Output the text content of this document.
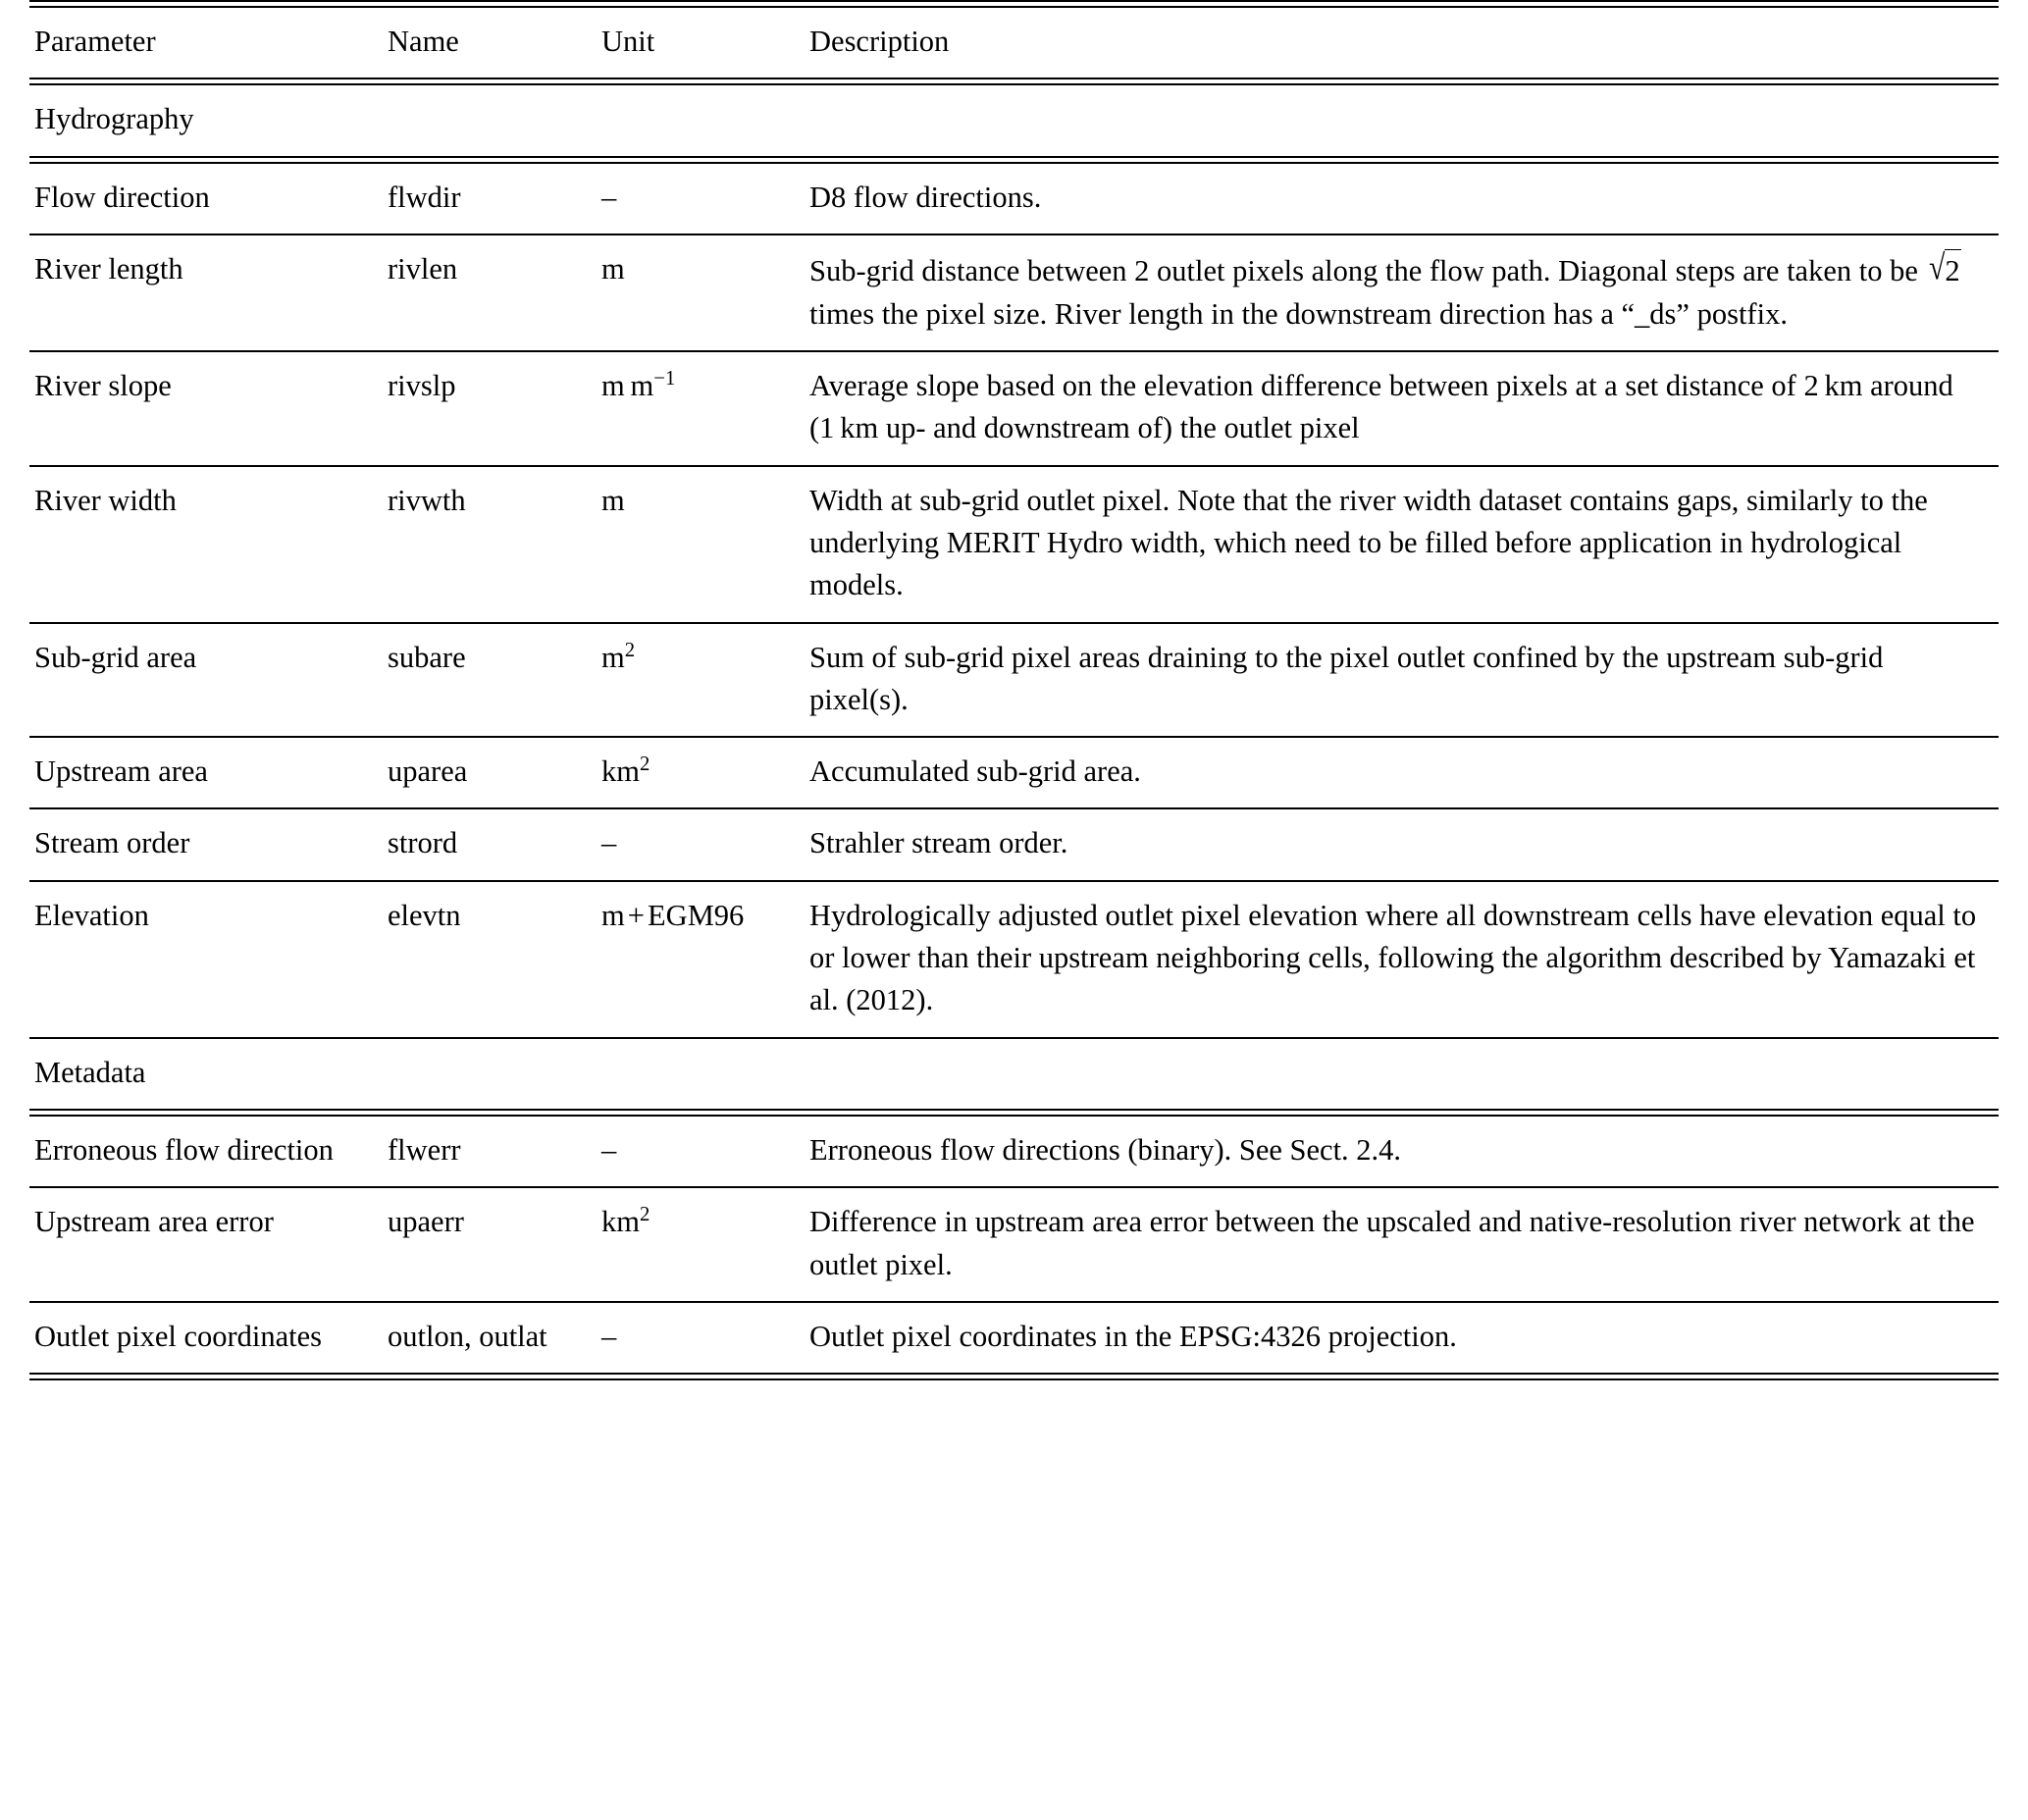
Parameter	Name	Unit	Description

Hydrography			

Flow direction	flwdir	–	D8 flow directions.

River length	rivlen	m	Sub-grid distance between 2 outlet pixels along the flow path. Diagonal steps are taken to be √2 times the pixel size. River length in the downstream direction has a “_ds” postfix.

River slope	rivslp	m $m^{-1}$	Average slope based on the elevation difference between pixels at a set distance of 2 km around (1 km up- and downstream of) the outlet pixel

River width	rivwth	m	Width at sub-grid outlet pixel. Note that the river width dataset contains gaps, similarly to the underlying MERIT Hydro width, which need to be filled before application in hydrological models.

Sub-grid area	subare	$m^2$	Sum of sub-grid pixel areas draining to the pixel outlet confined by the upstream sub-grid pixel(s).

Upstream area	uparea	$km^2$	Accumulated sub-grid area.

Stream order	strord	–	Strahler stream order.

Elevation	elevtn	m+EGM96	Hydrologically adjusted outlet pixel elevation where all downstream cells have elevation equal to or lower than their upstream neighboring cells, following the algorithm described by Yamazaki et al. (2012).

Metadata			

Erroneous flow direction	flwerr	–	Erroneous flow directions (binary). See Sect. 2.4.

Upstream area error	upaerr	$km^2$	Difference in upstream area error between the upscaled and native-resolution river network at the outlet pixel.

Outlet pixel coordinates	outlon, outlat	–	Outlet pixel coordinates in the EPSG:4326 projection.
